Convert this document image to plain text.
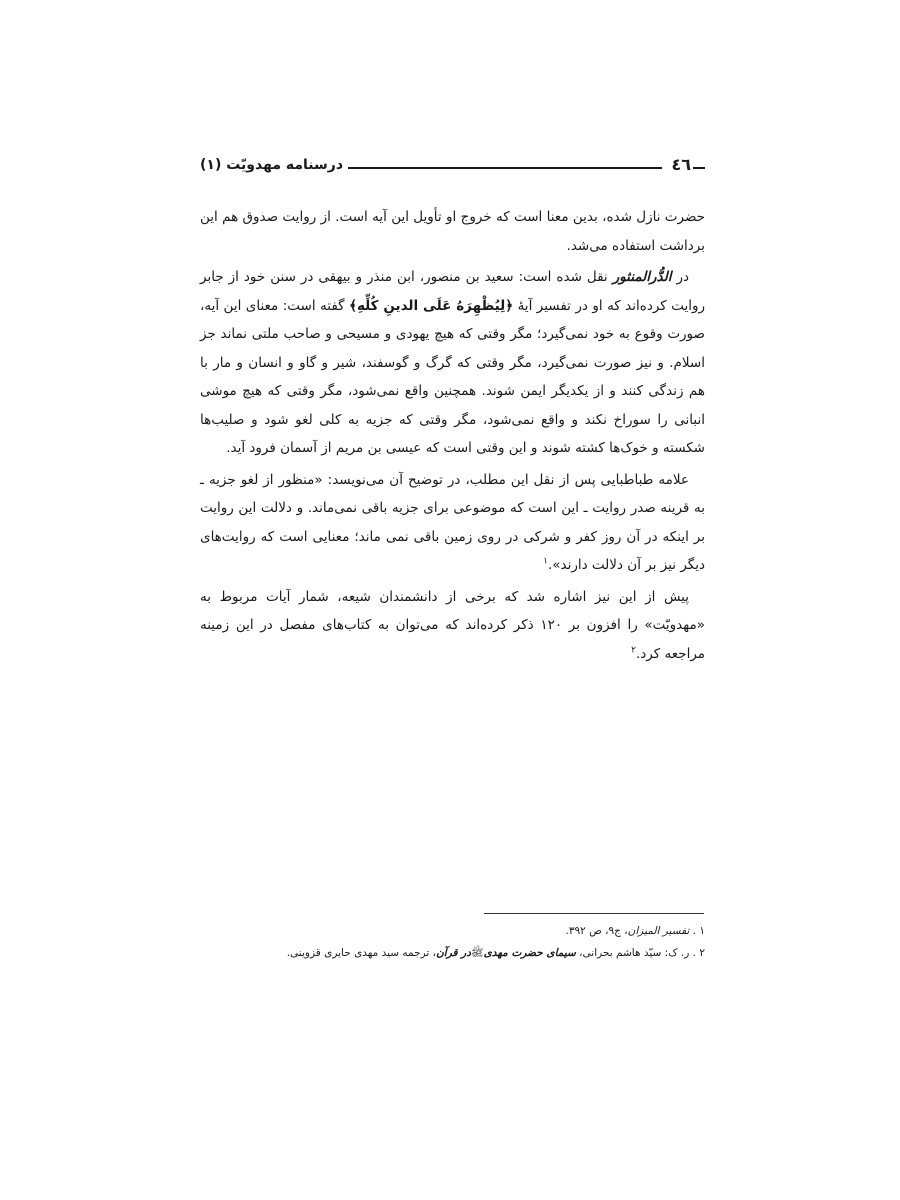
درسنامه مهدویّت (۱)	٤٦

حضرت نازل شده، بدین معنا است که خروج او تأویل این آیه است. از روایت صدوق هم این برداشت استفاده می‌شد.

در الدُّرالمنثور نقل شده است: سعید بن منصور، ابن منذر و بیهقی در سنن خود از جابر روایت کرده‌اند که او در تفسیر آیهٔ ﴿لِیُظْهِرَهُ عَلَی الدینِ کُلِّهِ﴾ گفته است: معنای این آیه، صورت وقوع به خود نمی‌گیرد؛ مگر وقتی که هیچ یهودی و مسیحی و صاحب ملتی نماند جز اسلام. و نیز صورت نمی‌گیرد، مگر وقتی که گرگ و گوسفند، شیر و گاو و انسان و مار با هم زندگی کنند و از یکدیگر ایمن شوند. همچنین واقع نمی‌شود، مگر وقتی که هیچ موشی انبانی را سوراخ نکند و واقع نمی‌شود، مگر وقتی که جزیه به کلی لغو شود و صلیب‌ها شکسته و خوک‌ها کشته شوند و این وقتی است که عیسی بن مریم از آسمان فرود آید.

علامه طباطبایی پس از نقل این مطلب، در توضیح آن می‌نویسد: «منظور از لغو جزیه ـ به قرینه صدر روایت ـ این است که موضوعی برای جزیه باقی نمی‌ماند. و دلالت این روایت بر اینکه در آن روز کفر و شرکی در روی زمین باقی نمی ماند؛ معنایی است که روایت‌های دیگر نیز بر آن دلالت دارند».$^۱$

پیش از این نیز اشاره شد که برخی از دانشمندان شیعه، شمار آیات مربوط به «مهدویّت» را افزون بر ۱۲۰ ذکر کرده‌اند که می‌توان به کتاب‌های مفصل در این زمینه مراجعه کرد.$^۲$

۱ . تفسیر المیزان، ج۹، ص ۳۹۲.
۲ . ر. ک: سیّد هاشم بحرانی، سیمای حضرت مهدیﷺدر قرآن، ترجمه سید مهدی حایری قزوینی.
